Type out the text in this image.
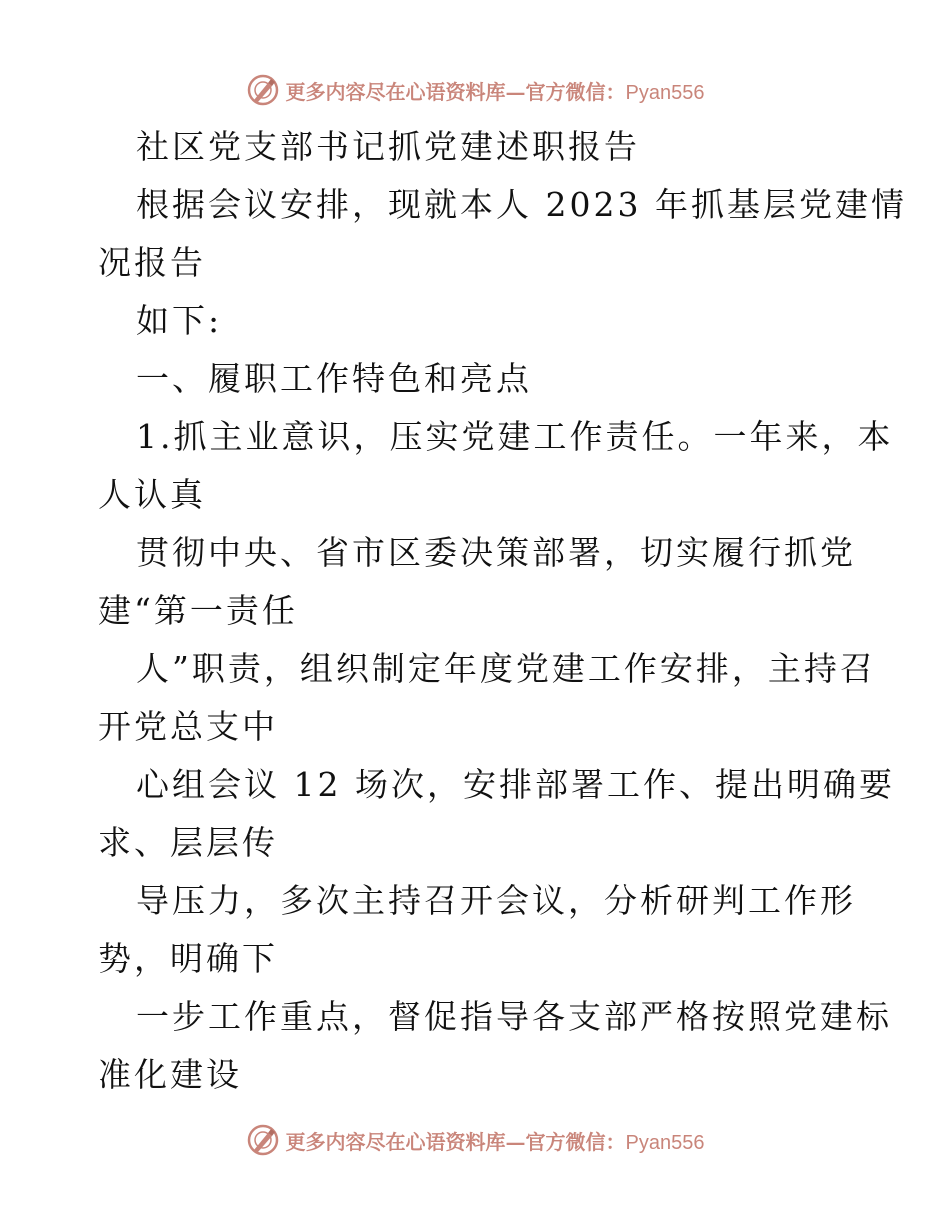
更多内容尽在心语资料库—官方微信：Pyan556
社区党支部书记抓党建述职报告
根据会议安排，现就本人 2023 年抓基层党建情
况报告
如下:
一、履职工作特色和亮点
1.抓主业意识，压实党建工作责任。一年来，本
人认真
贯彻中央、省市区委决策部署，切实履行抓党
建“第一责任
人”职责，组织制定年度党建工作安排，主持召
开党总支中
心组会议 12 场次，安排部署工作、提出明确要
求、层层传
导压力，多次主持召开会议，分析研判工作形
势，明确下
一步工作重点，督促指导各支部严格按照党建标
准化建设
更多内容尽在心语资料库—官方微信：Pyan556
